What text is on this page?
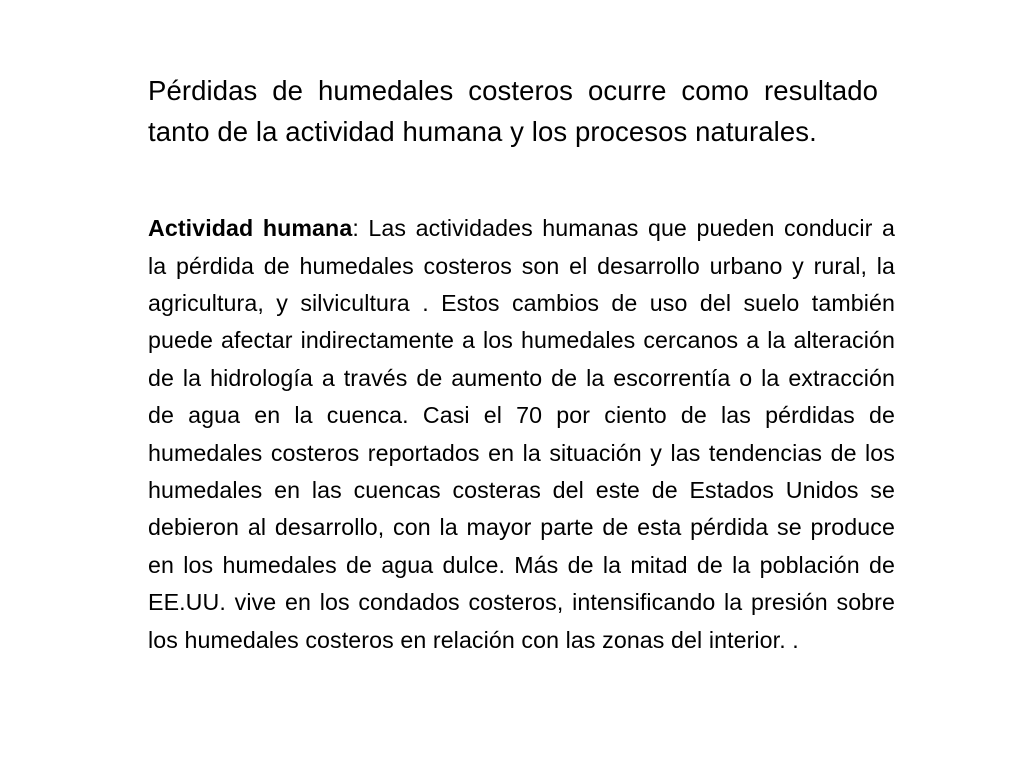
Pérdidas de humedales costeros ocurre como resultado tanto de la actividad humana y los procesos naturales.

Actividad humana: Las actividades humanas que pueden conducir a la pérdida de humedales costeros son el desarrollo urbano y rural, la agricultura, y silvicultura . Estos cambios de uso del suelo también puede afectar indirectamente a los humedales cercanos a la alteración de la hidrología a través de aumento de la escorrentía o la extracción de agua en la cuenca. Casi el 70 por ciento de las pérdidas de humedales costeros reportados en la situación y las tendencias de los humedales en las cuencas costeras del este de Estados Unidos se debieron al desarrollo, con la mayor parte de esta pérdida se produce en los humedales de agua dulce. Más de la mitad de la población de EE.UU. vive en los condados costeros, intensificando la presión sobre los humedales costeros en relación con las zonas del interior. .
